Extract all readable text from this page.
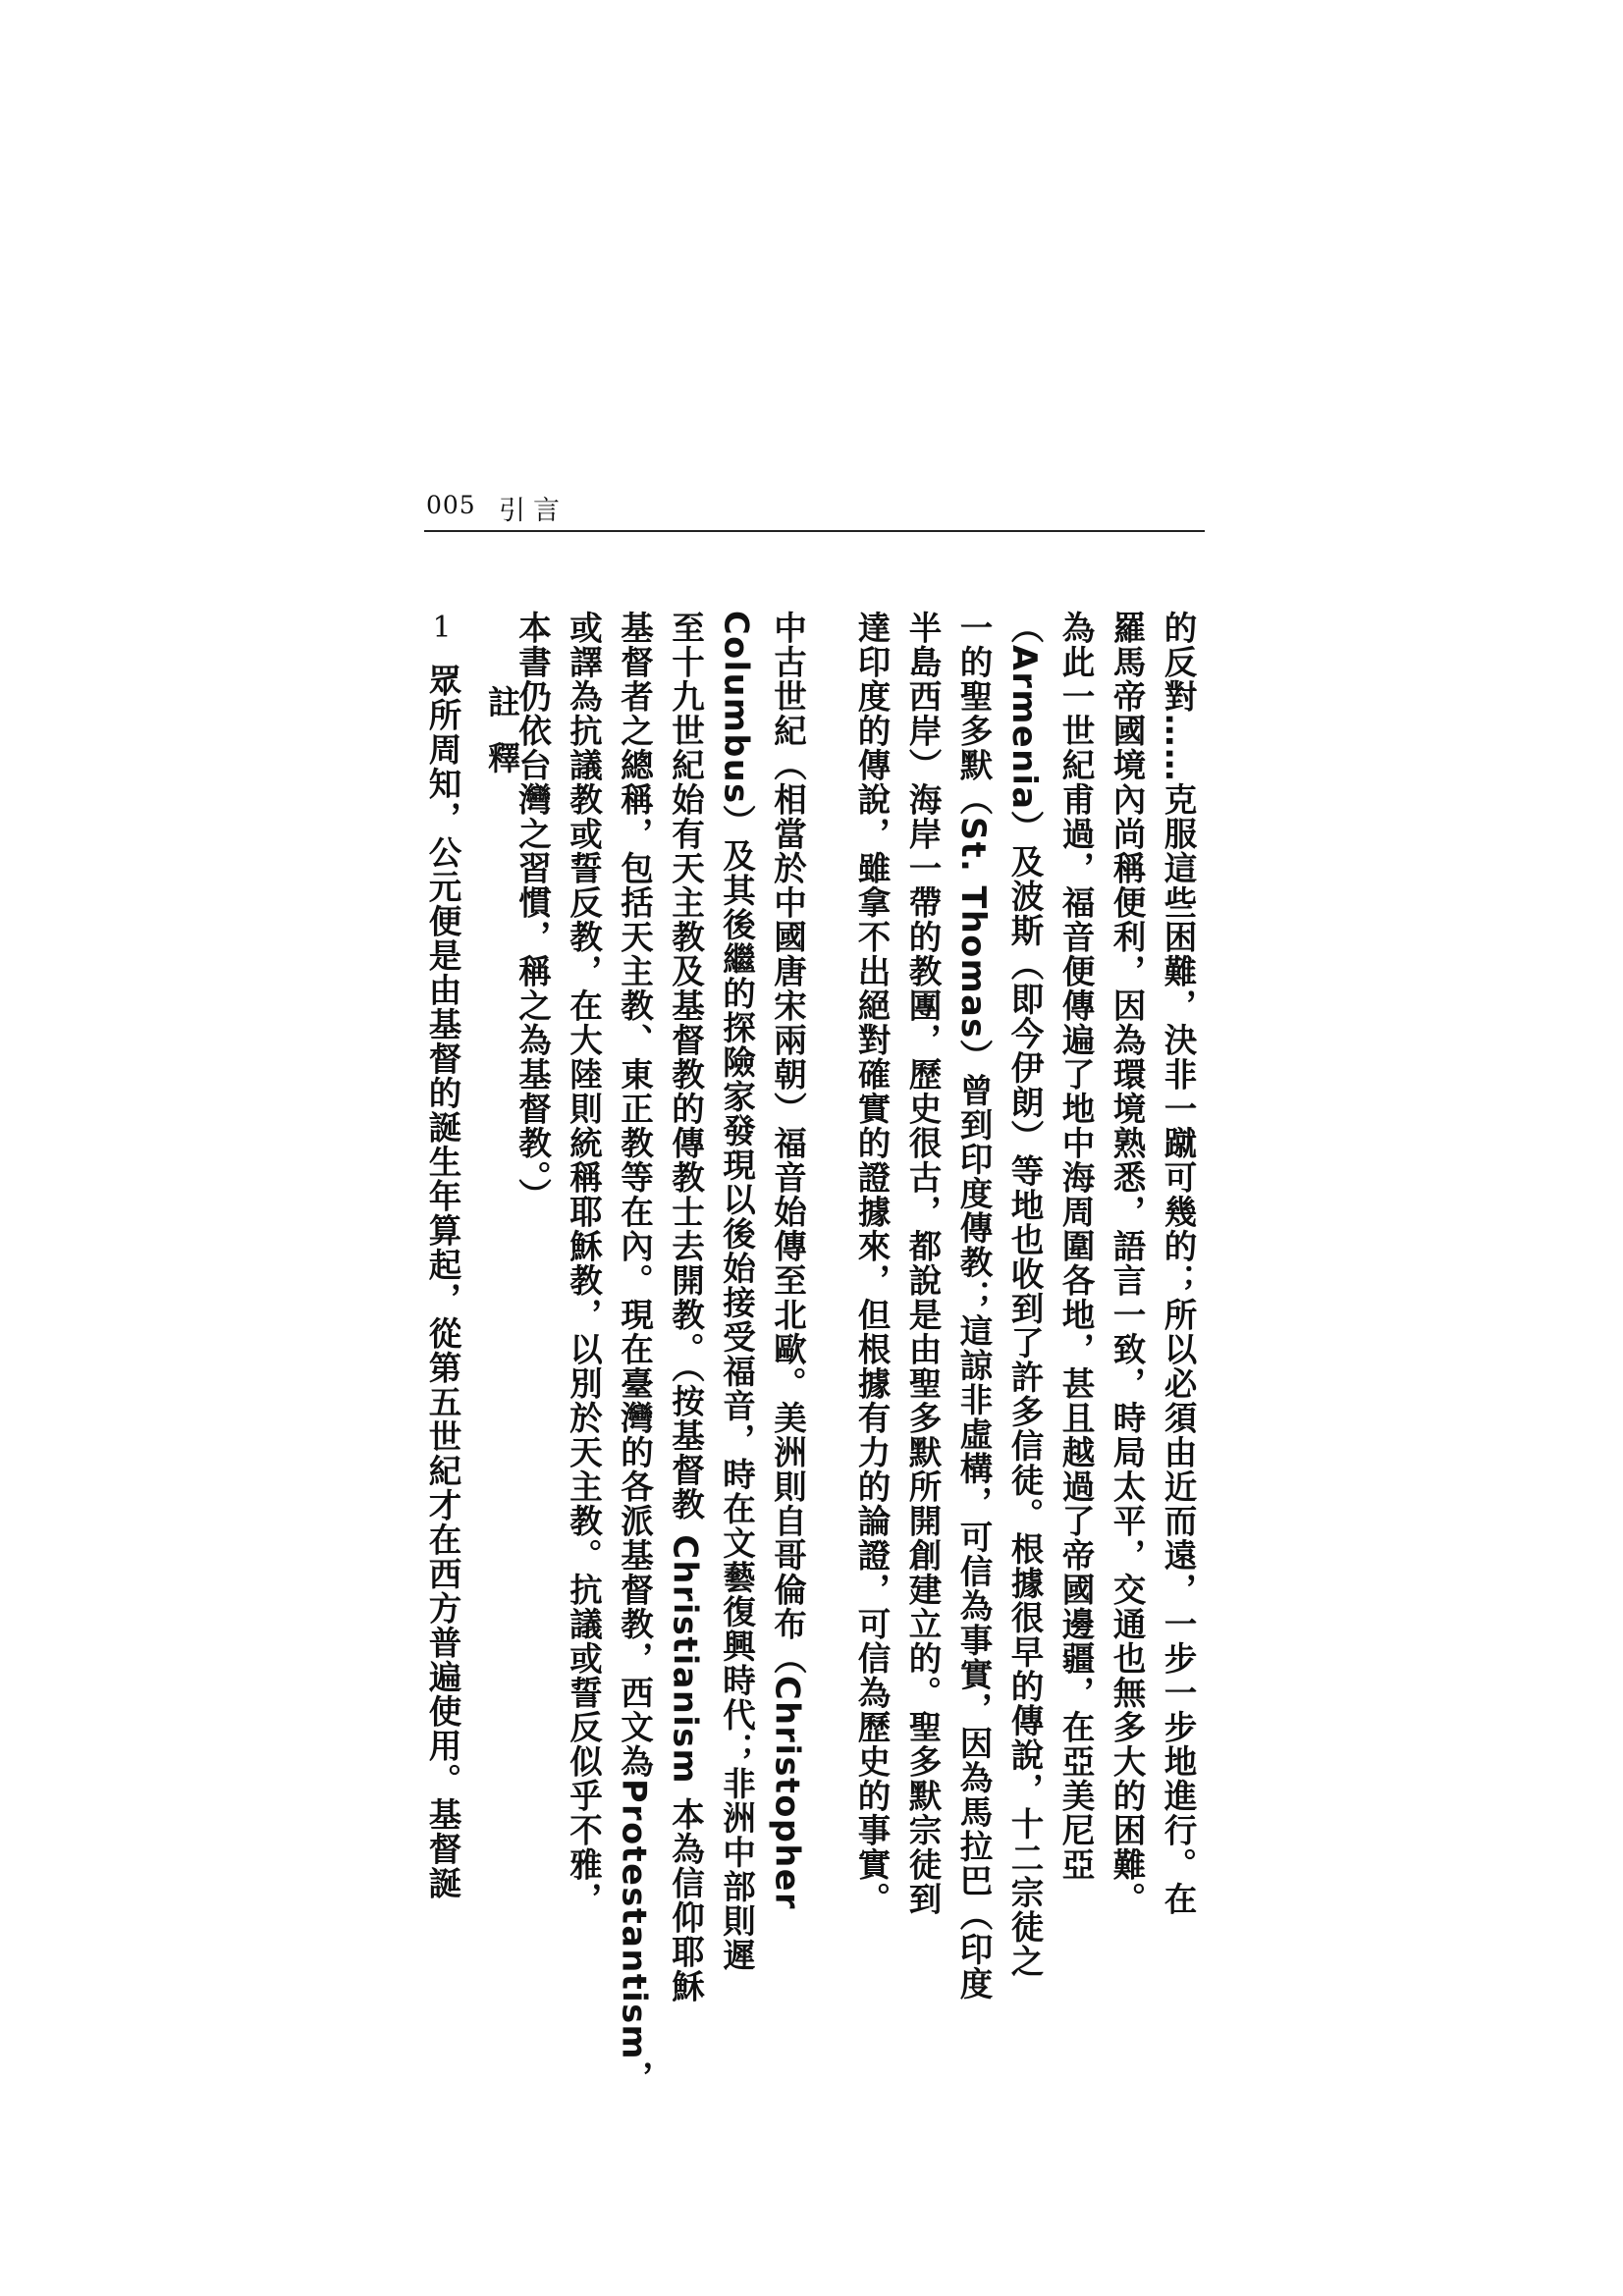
005 引言
的反對……克服這些困難，決非一蹴可幾的；所以必須由近而遠，一步一步地進行。在
羅馬帝國境內尚稱便利，因為環境熟悉，語言一致，時局太平，交通也無多大的困難。
為此一世紀甫過，福音便傳遍了地中海周圍各地，甚且越過了帝國邊疆，在亞美尼亞
（Armenia）及波斯（即今伊朗）等地也收到了許多信徒。根據很早的傳說，十二宗徒之
一的聖多默（St. Thomas）曾到印度傳教；這諒非虛構，可信為事實，因為馬拉巴（印度
半島西岸）海岸一帶的教團，歷史很古，都說是由聖多默所開創建立的。聖多默宗徒到
達印度的傳說，雖拿不出絕對確實的證據來，但根據有力的論證，可信為歷史的事實。
中古世紀（相當於中國唐宋兩朝）福音始傳至北歐。美洲則自哥倫布（Christopher
Columbus）及其後繼的探險家發現以後始接受福音，時在文藝復興時代；非洲中部則遲
至十九世紀始有天主教及基督教的傳教士去開教。（按基督教 Christianism 本為信仰耶穌
基督者之總稱，包括天主教、東正教等在內。現在臺灣的各派基督教，西文為Protestantism，
或譯為抗議教或誓反教，在大陸則統稱耶穌教，以別於天主教。抗議或誓反似乎不雅，
本書仍依台灣之習慣，稱之為基督教。）
註釋
1
眾所周知，公元便是由基督的誕生年算起，從第五世紀才在西方普遍使用。基督誕
